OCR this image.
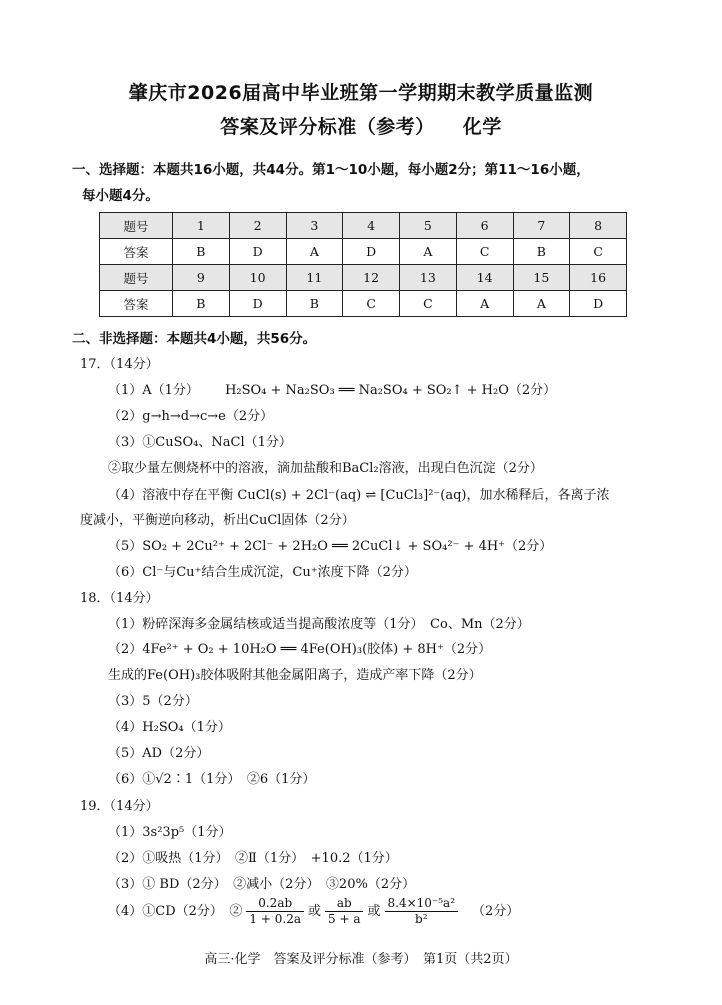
肇庆市2026届高中毕业班第一学期期末教学质量监测
答案及评分标准（参考） 化学
一、选择题：本题共16小题，共44分。第1～10小题，每小题2分；第11～16小题，
每小题4分。
题号	1	2	3	4	5	6	7	8
答案	B	D	A	D	A	C	B	C
题号	9	10	11	12	13	14	15	16
答案	B	D	B	C	C	A	A	D
二、非选择题：本题共4小题，共56分。
17．（14分）
（1）A（1分） H₂SO₄ + Na₂SO₃ ══ Na₂SO₄ + SO₂↑ + H₂O（2分）
（2）g→h→d→c→e（2分）
（3）①CuSO₄、NaCl（1分）
②取少量左侧烧杯中的溶液，滴加盐酸和BaCl₂溶液，出现白色沉淀（2分）
（4）溶液中存在平衡 CuCl(s) + 2Cl⁻(aq) ⇌ [CuCl₃]²⁻(aq)，加水稀释后，各离子浓
度减小，平衡逆向移动，析出CuCl固体（2分）
（5）SO₂ + 2Cu²⁺ + 2Cl⁻ + 2H₂O ══ 2CuCl↓ + SO₄²⁻ + 4H⁺（2分）
（6）Cl⁻与Cu⁺结合生成沉淀，Cu⁺浓度下降（2分）
18．（14分）
（1）粉碎深海多金属结核或适当提高酸浓度等（1分）　Co、Mn（2分）
（2）4Fe²⁺ + O₂ + 10H₂O ══ 4Fe(OH)₃(胶体) + 8H⁺（2分）
生成的Fe(OH)₃胶体吸附其他金属阳离子，造成产率下降（2分）
（3）5（2分）
（4）H₂SO₄（1分）
（5）AD（2分）
（6）①√2∶1（1分）　②6（1分）
19．（14分）
（1）3s²3p⁵（1分）
（2）①吸热（1分）　②Ⅱ（1分）　+10.2（1分）
（3）① BD（2分）　②减小（2分）　③20%（2分）
（4）①CD（2分）　② $\frac{0.2ab}{1 + 0.2a}$ 或 $\frac{ab}{5 + a}$ 或 $\frac{\text{8.4×10⁻⁵a²}}{\text{b²}} (2$分）
高三·化学　答案及评分标准（参考）　第1页（共2页）
